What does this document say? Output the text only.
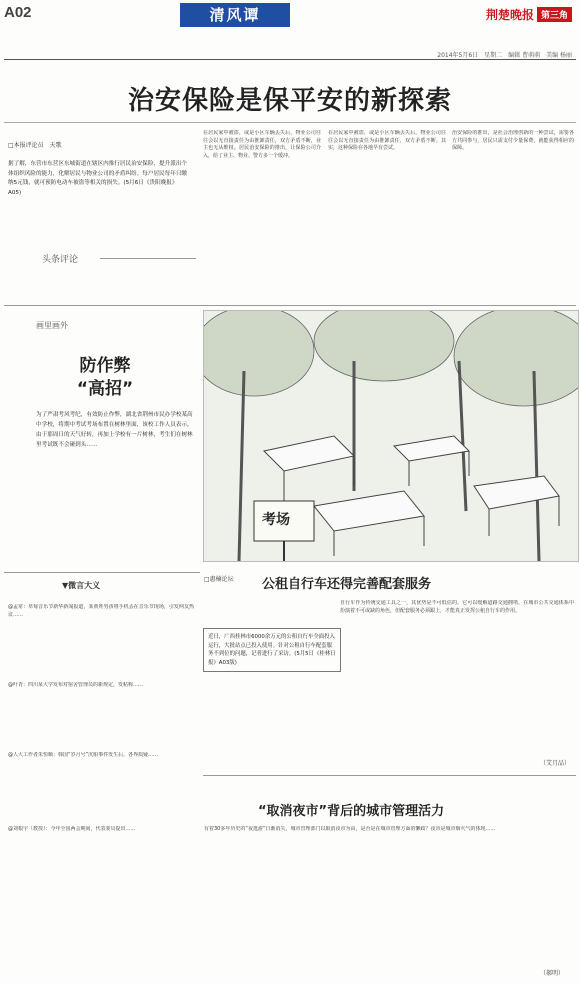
A02	清风谭	荆楚晚报 第三角
2014年5月6日　星期二　编辑 曹萌萌　美编 杨丽
治安保险是保平安的新探索
□本报评论员　天歌
据了解，东营市东营区东城街道在辖区内推行居民治安保险，提升派出个体组织风险的能力，化解居民与物业公司的矛盾纠纷。每户居民每年只缴纳5元钱，就可预防电动车被盗等相关的损失。(5月6日《贵阳晚报》A05)
头条评论
在居民家中被盗，或是小区车辆丢失后，物业公司往往会以无直接责任为由推卸责任，双方矛盾不断，业主也无从维权。居民治安保险的推出，让保险公司介入，给了业主、物业、警方多一个缓冲。
在居民家中被盗，或是小区车辆丢失后，物业公司往往会以无直接责任为由推卸责任，双方矛盾不断。其实，这种保险在各地早有尝试。
治安保险的推出，是社会治理创新的一种尝试，需要各方共同参与，居民只需支付少量保费，就能获得相应的保障。
画里画外
防作弊
“高招”
为了严肃考风考纪，有效防止作弊，湖北省荆州市民办学校某高中学校，将期中考试考场布置在树林里面，该校工作人员表示，由于那周日的天气好转，再加上学校有一片树林，考生们在树林里考试既不会碰到头……
考场
▼微言大义
@孟常：草莓音乐节新华新闻报道，某黄姓男孩将手机丢在音乐节现场，引发网友热议……
@叶青：四川某大学发布对宿舍管理员的新规定，发帖称……
@人大工作者朱恒顺：韩国“岁月号”沉船事件发生后，各界质疑……
@刘根宇（教授）：今年全国两会期间，代表委员提出……
□惠楠论坛 公租自行车还得完善配套服务
近日，广西桂林市6000余万元的公租自行车全面投入运行，大批站点已投入使用。针对公租自行车配套服务不到位的问题，记者进行了采访。(5月5日《桂林日报》A03版)
自行车作为传统交通工具之一，其优势是不可低估的。它可以缓解道路交通拥堵，在城市公共交通体系中扮演着不可或缺的角色，但配套服务必须跟上，才能真正发挥公租自行车的作用。
（艾月品）
“取消夜市”背后的城市管理活力
有着30多年历史的“夜逛游”日渐消失，城市管理部门以取消夜市为由，是否是在城市管理方面的懒政？夜市是城市烟火气的体现……
（郝明）
